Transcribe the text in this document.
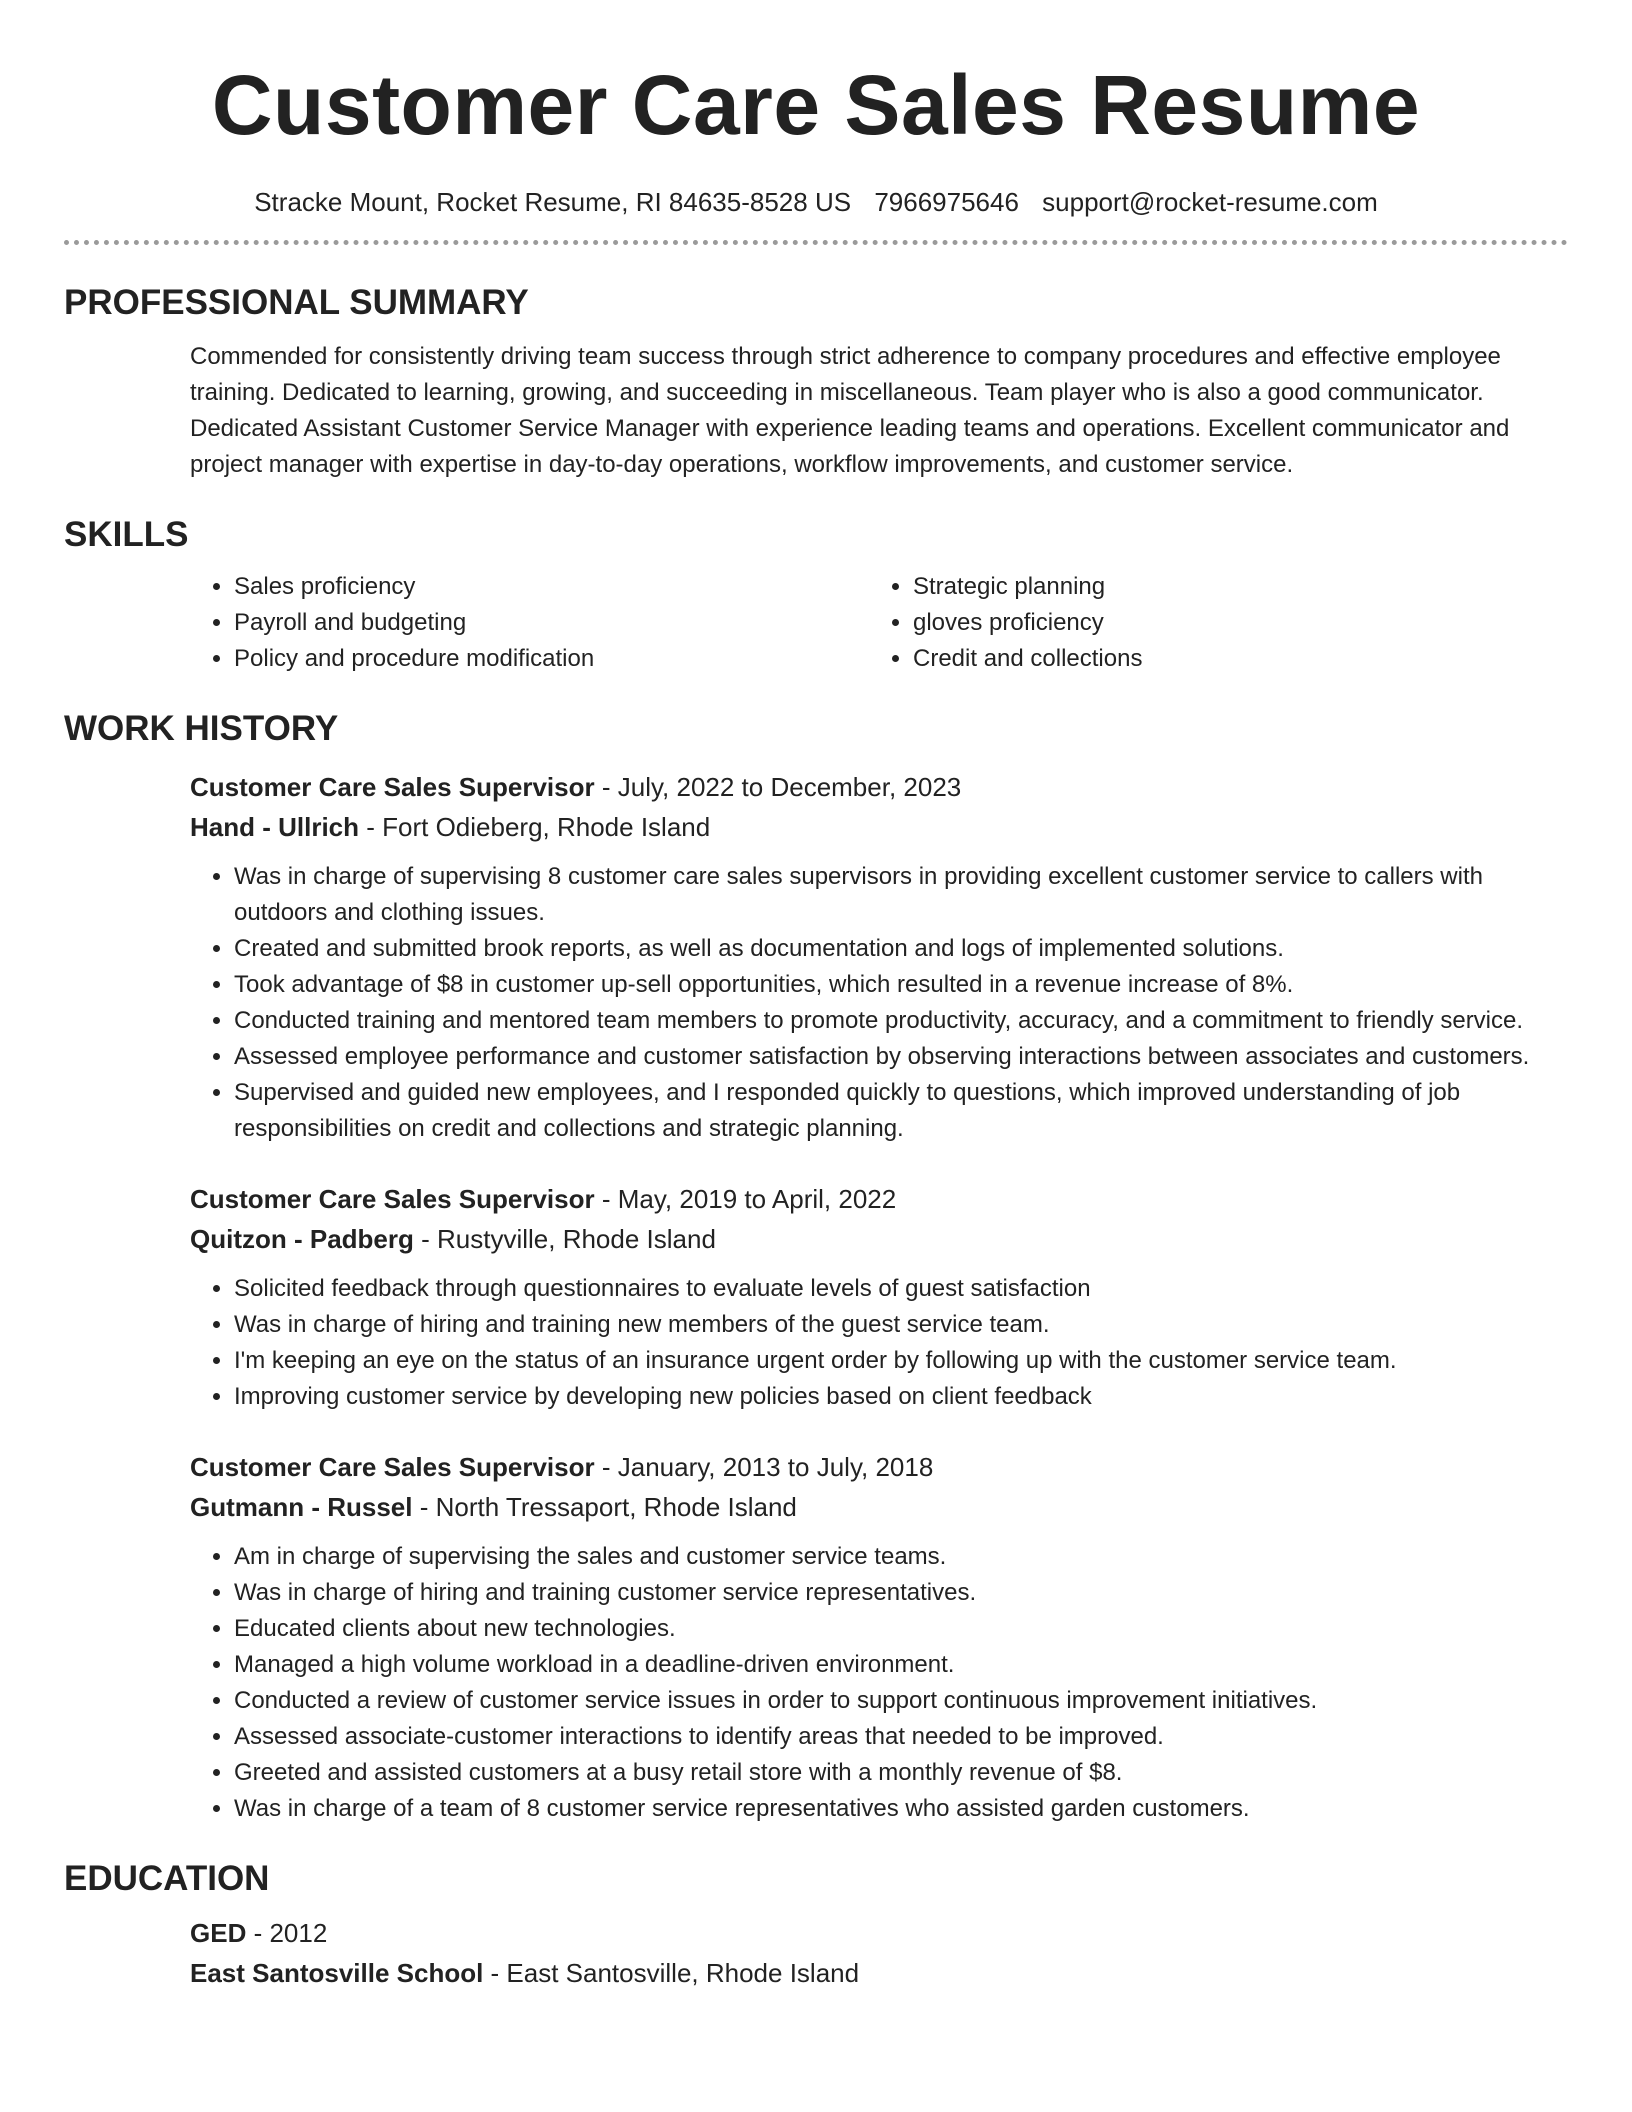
Customer Care Sales Resume
Stracke Mount, Rocket Resume, RI 84635-8528 US 7966975646 support@rocket-resume.com
PROFESSIONAL SUMMARY
Commended for consistently driving team success through strict adherence to company procedures and effective employee training. Dedicated to learning, growing, and succeeding in miscellaneous. Team player who is also a good communicator. Dedicated Assistant Customer Service Manager with experience leading teams and operations. Excellent communicator and project manager with expertise in day-to-day operations, workflow improvements, and customer service.
SKILLS
• Sales proficiency
• Payroll and budgeting
• Policy and procedure modification
• Strategic planning
• gloves proficiency
• Credit and collections
WORK HISTORY
Customer Care Sales Supervisor - July, 2022 to December, 2023
Hand - Ullrich - Fort Odieberg, Rhode Island
• Was in charge of supervising 8 customer care sales supervisors in providing excellent customer service to callers with outdoors and clothing issues.
• Created and submitted brook reports, as well as documentation and logs of implemented solutions.
• Took advantage of $8 in customer up-sell opportunities, which resulted in a revenue increase of 8%.
• Conducted training and mentored team members to promote productivity, accuracy, and a commitment to friendly service.
• Assessed employee performance and customer satisfaction by observing interactions between associates and customers.
• Supervised and guided new employees, and I responded quickly to questions, which improved understanding of job responsibilities on credit and collections and strategic planning.
Customer Care Sales Supervisor - May, 2019 to April, 2022
Quitzon - Padberg - Rustyville, Rhode Island
• Solicited feedback through questionnaires to evaluate levels of guest satisfaction
• Was in charge of hiring and training new members of the guest service team.
• I'm keeping an eye on the status of an insurance urgent order by following up with the customer service team.
• Improving customer service by developing new policies based on client feedback
Customer Care Sales Supervisor - January, 2013 to July, 2018
Gutmann - Russel - North Tressaport, Rhode Island
• Am in charge of supervising the sales and customer service teams.
• Was in charge of hiring and training customer service representatives.
• Educated clients about new technologies.
• Managed a high volume workload in a deadline-driven environment.
• Conducted a review of customer service issues in order to support continuous improvement initiatives.
• Assessed associate-customer interactions to identify areas that needed to be improved.
• Greeted and assisted customers at a busy retail store with a monthly revenue of $8.
• Was in charge of a team of 8 customer service representatives who assisted garden customers.
EDUCATION
GED - 2012
East Santosville School - East Santosville, Rhode Island
